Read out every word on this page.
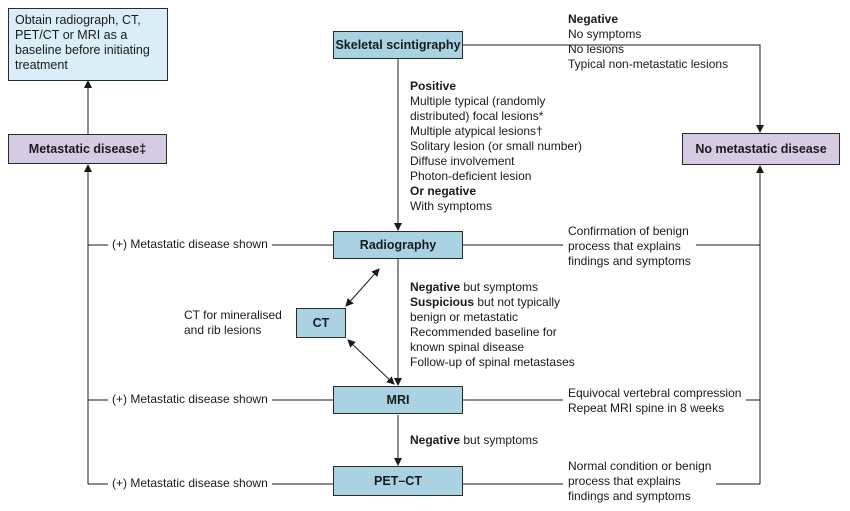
Obtain radiograph, CT, PET/CT or MRI as a baseline before initiating treatment
Metastatic disease‡	No metastatic disease
Skeletal scintigraphy
Radiography
CT
MRI
PET–CT
Negative
No symptoms
No lesions
Typical non-metastatic lesions
Positive
Multiple typical (randomly
distributed) focal lesions*
Multiple atypical lesions†
Solitary lesion (or small number)
Diffuse involvement
Photon-deficient lesion
Or negative
With symptoms
Negative but symptoms
Suspicious but not typically
benign or metastatic
Recommended baseline for
known spinal disease
Follow-up of spinal metastases
CT for mineralised
and rib lesions
Negative but symptoms
(+) Metastatic disease shown
(+) Metastatic disease shown
(+) Metastatic disease shown
Confirmation of benign
process that explains
findings and symptoms
Equivocal vertebral compression
Repeat MRI spine in 8 weeks
Normal condition or benign
process that explains
findings and symptoms
